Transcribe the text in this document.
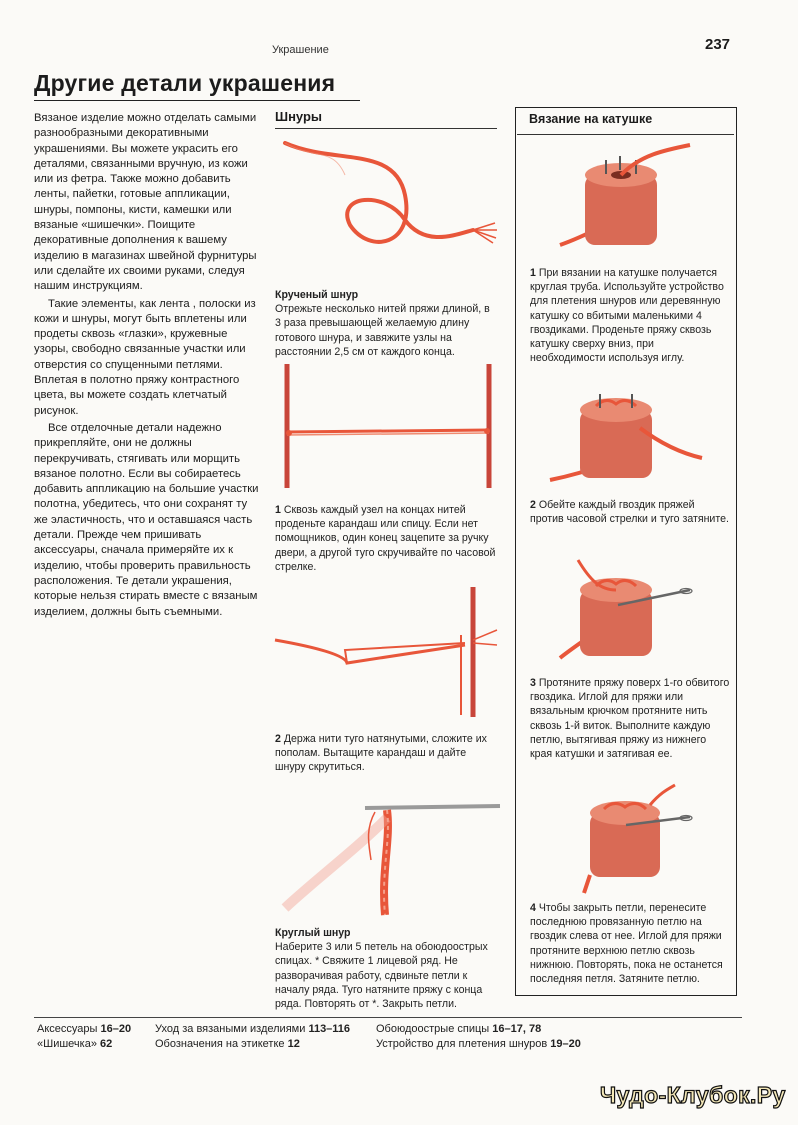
Украшение	237
Другие детали украшения

Вязаное изделие можно отделать самыми разнообразными декоративными украшениями. Вы можете украсить его деталями, связанными вручную, из кожи или из фетра. Также можно добавить ленты, пайетки, готовые аппликации, шнуры, помпоны, кисти, камешки или вязаные «шишечки». Поищите декоративные дополнения к вашему изделию в магазинах швейной фурнитуры или сделайте их своими руками, следуя нашим инструкциям.

Такие элементы, как лента , полоски из кожи и шнуры, могут быть вплетены или продеты сквозь «глазки», кружевные узоры, свободно связанные участки или отверстия со спущенными петлями. Вплетая в полотно пряжу контрастного цвета, вы можете создать клетчатый рисунок.

Все отделочные детали надежно прикрепляйте, они не должны перекручивать, стягивать или морщить вязаное полотно. Если вы собираетесь добавить аппликацию на большие участки полотна, убедитесь, что они сохранят ту же эластичность, что и оставшаяся часть детали. Прежде чем пришивать аксессуары, сначала примеряйте их к изделию, чтобы проверить правильность расположения. Те детали украшения, которые нельзя стирать вместе с вязаным изделием, должны быть съемными.

Шнуры
Крученый шнур
Отрежьте несколько нитей пряжи длиной, в 3 раза превышающей желаемую длину готового шнура, и завяжите узлы на расстоянии 2,5 см от каждого конца.
1 Сквозь каждый узел на концах нитей проденьте карандаш или спицу. Если нет помощников, один конец зацепите за ручку двери, а другой туго скручивайте по часовой стрелке.
2 Держа нити туго натянутыми, сложите их пополам. Вытащите карандаш и дайте шнуру скрутиться.
Круглый шнур
Наберите 3 или 5 петель на обоюдоострых спицах. * Свяжите 1 лицевой ряд. Не разворачивая работу, сдвиньте петли к началу ряда. Туго натяните пряжу с конца ряда. Повторять от *. Закрыть петли.
Вязание на катушке
1 При вязании на катушке получается круглая труба. Используйте устройство для плетения шнуров или деревянную катушку со вбитыми маленькими 4 гвоздиками. Проденьте пряжу сквозь катушку сверху вниз, при необходимости используя иглу.
2 Обейте каждый гвоздик пряжей против часовой стрелки и туго затяните.
3 Протяните пряжу поверх 1-го обвитого гвоздика. Иглой для пряжи или вязальным крючком протяните нить сквозь 1-й виток. Выполните каждую петлю, вытягивая пряжу из нижнего края катушки и затягивая ее.
4 Чтобы закрыть петли, перенесите последнюю провязанную петлю на гвоздик слева от нее. Иглой для пряжи протяните верхнюю петлю сквозь нижнюю. Повторять, пока не останется последняя петля. Затяните петлю.
Аксессуары 16–20
«Шишечка» 62
Уход за вязаными изделиями 113–116
Обозначения на этикетке 12
Обоюдоострые спицы 16–17, 78
Устройство для плетения шнуров 19–20
Чудо-Клубок.Ру
